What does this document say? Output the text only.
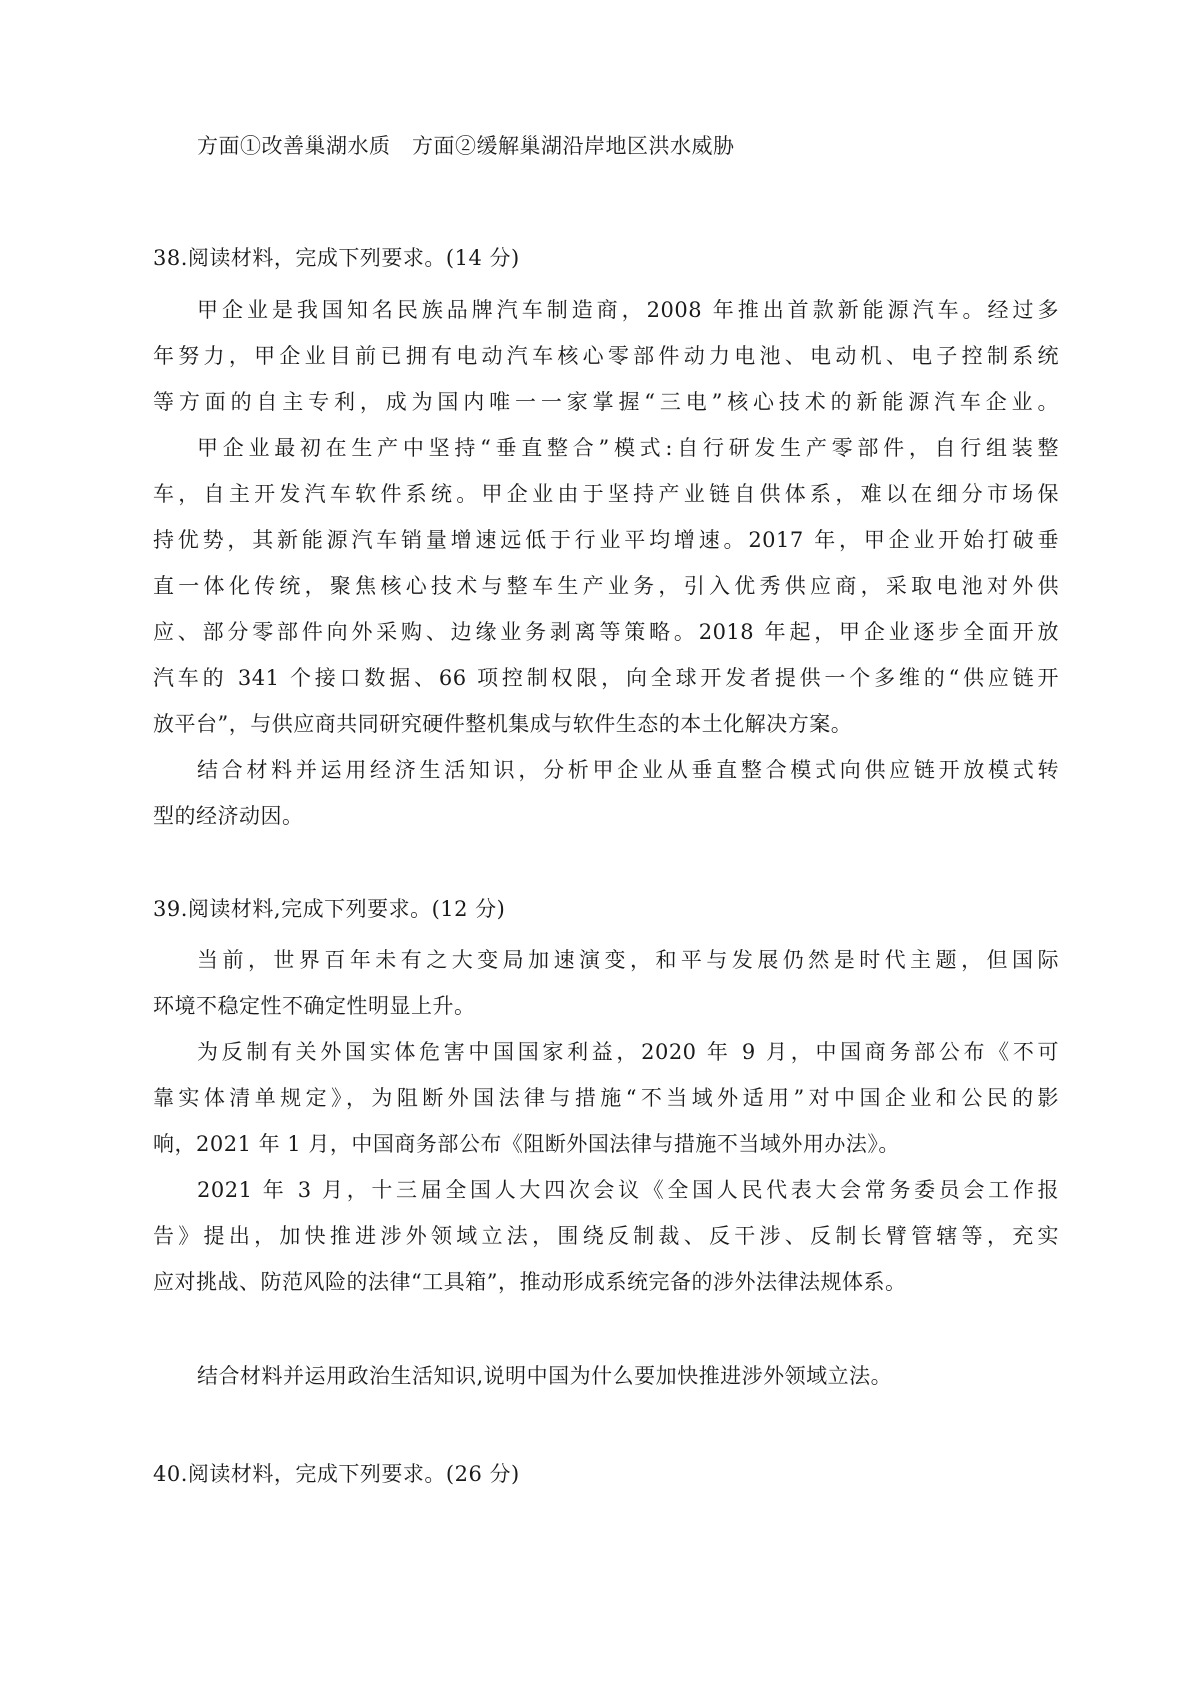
方面①改善巢湖水质　方面②缓解巢湖沿岸地区洪水威胁
38.阅读材料，完成下列要求。(14 分)
甲企业是我国知名民族品牌汽车制造商，2008 年推出首款新能源汽车。经过多
年努力，甲企业目前已拥有电动汽车核心零部件动力电池、电动机、电子控制系统
等方面的自主专利，成为国内唯一一家掌握“三电”核心技术的新能源汽车企业。
甲企业最初在生产中坚持“垂直整合”模式:自行研发生产零部件，自行组装整
车，自主开发汽车软件系统。甲企业由于坚持产业链自供体系，难以在细分市场保
持优势，其新能源汽车销量增速远低于行业平均增速。2017 年，甲企业开始打破垂
直一体化传统，聚焦核心技术与整车生产业务，引入优秀供应商，采取电池对外供
应、部分零部件向外采购、边缘业务剥离等策略。2018 年起，甲企业逐步全面开放
汽车的 341 个接口数据、66 项控制权限，向全球开发者提供一个多维的“供应链开
放平台”，与供应商共同研究硬件整机集成与软件生态的本土化解决方案。
结合材料并运用经济生活知识，分析甲企业从垂直整合模式向供应链开放模式转
型的经济动因。
39.阅读材料,完成下列要求。(12 分)
当前，世界百年未有之大变局加速演变，和平与发展仍然是时代主题，但国际
环境不稳定性不确定性明显上升。
为反制有关外国实体危害中国国家利益，2020 年 9 月，中国商务部公布《不可
靠实体清单规定》，为阻断外国法律与措施“不当域外适用”对中国企业和公民的影
响，2021 年 1 月，中国商务部公布《阻断外国法律与措施不当域外用办法》。
2021 年 3 月，十三届全国人大四次会议《全国人民代表大会常务委员会工作报
告》提出，加快推进涉外领域立法，围绕反制裁、反干涉、反制长臂管辖等，充实
应对挑战、防范风险的法律“工具箱”，推动形成系统完备的涉外法律法规体系。
结合材料并运用政治生活知识,说明中国为什么要加快推进涉外领域立法。
40.阅读材料，完成下列要求。(26 分)
